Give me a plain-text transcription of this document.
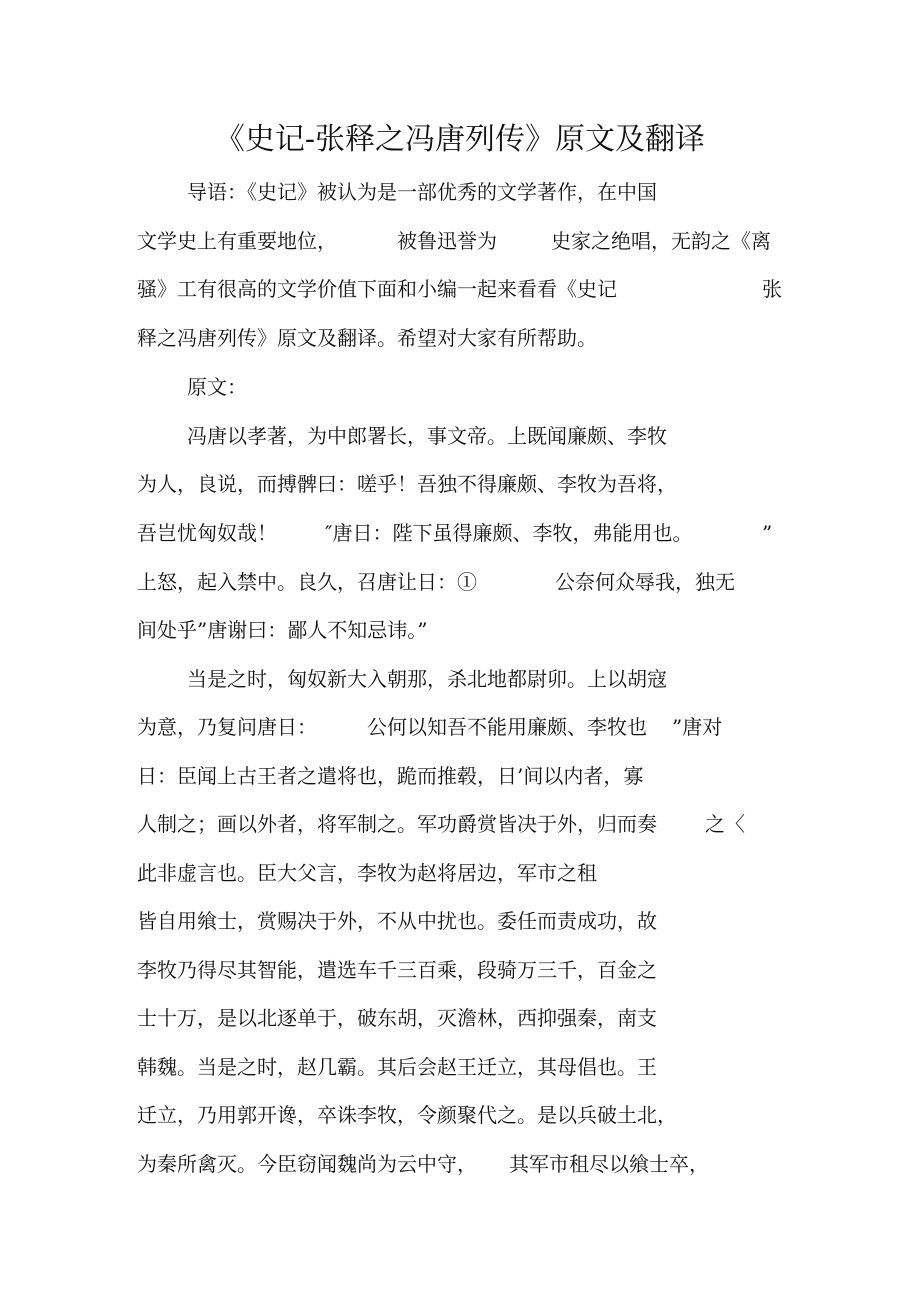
《史记-张释之冯唐列传》原文及翻译
导语：《史记》被认为是一部优秀的文学著作，在中国
文学史上有重要地位，	被鲁迅誉为	史家之绝唱，无韵之《离
骚》工有很高的文学价值下面和小编一起来看看《史记	张
释之冯唐列传》原文及翻译。希望对大家有所帮助。
原文：
冯唐以孝著，为中郎署长，事文帝。上既闻廉颇、李牧
为人，良说，而搏髀曰：嗟乎！吾独不得廉颇、李牧为吾将，
吾岂忧匈奴哉！ ″唐日：陛下虽得廉颇、李牧，弗能用也。	”
上怒，起入禁中。良久，召唐让日：①	公奈何众辱我，独无
间处乎”唐谢曰：鄙人不知忌讳。”
当是之时，匈奴新大入朝那，杀北地都尉卯。上以胡寇
为意，乃复问唐日：	公何以知吾不能用廉颇、李牧也 ”唐对
日：臣闻上古王者之遣将也，跪而推毂，日’间以内者，寡
人制之；画以外者，将军制之。军功爵赏皆决于外，归而奏 之〈
此非虚言也。臣大父言，李牧为赵将居边，军市之租
皆自用飨士，赏赐决于外，不从中扰也。委任而责成功，故
李牧乃得尽其智能，遣选车千三百乘，段骑万三千，百金之
士十万，是以北逐单于，破东胡，灭澹林，西抑强秦，南支
韩魏。当是之时，赵几霸。其后会赵王迁立，其母倡也。王
迁立，乃用郭开谗，卒诛李牧，令颜聚代之。是以兵破土北，
为秦所禽灭。今臣窃闻魏尚为云中守， 其军市租尽以飨士卒，
